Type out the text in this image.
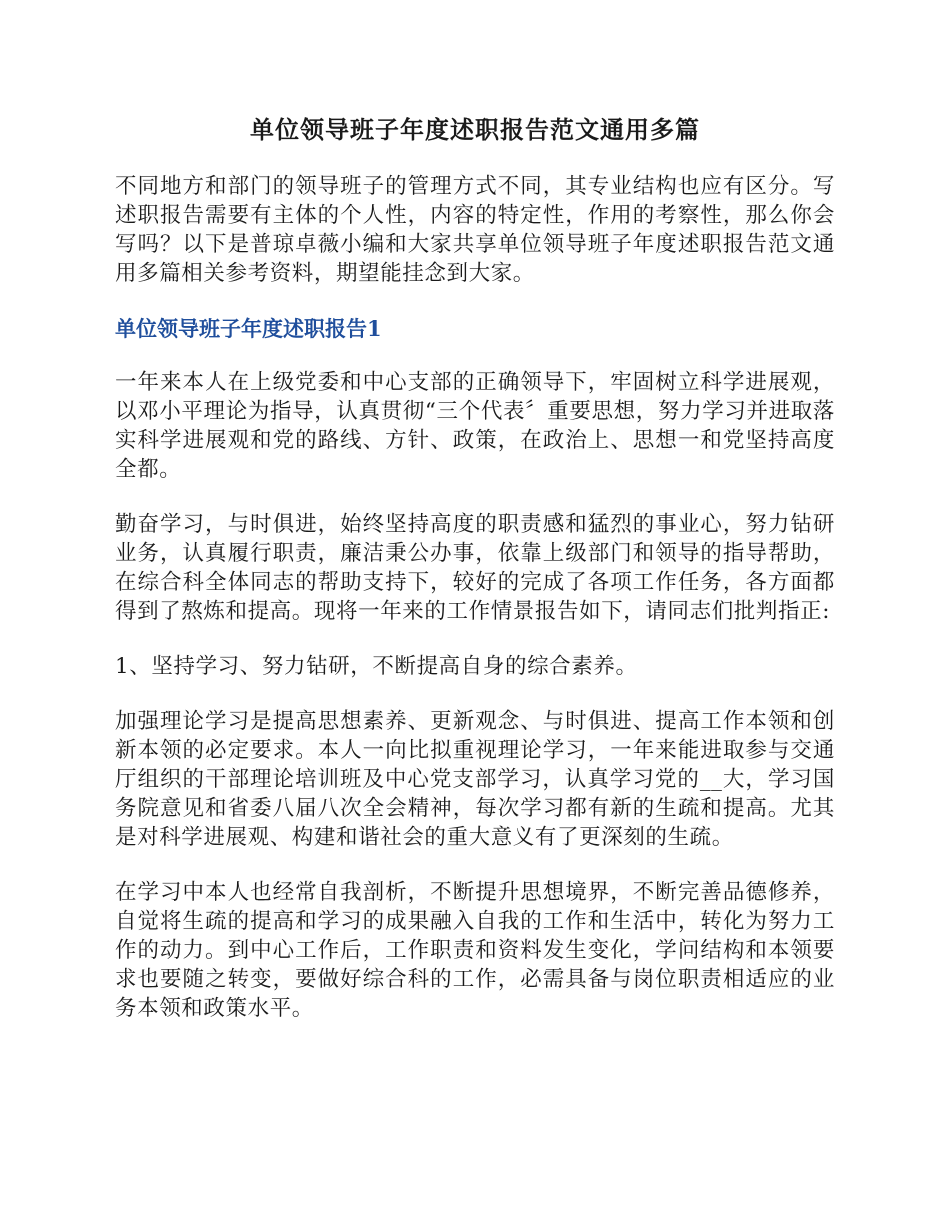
单位领导班子年度述职报告范文通用多篇

不同地方和部门的领导班子的管理方式不同，其专业结构也应有区分。写述职报告需要有主体的个人性，内容的特定性，作用的考察性，那么你会写吗？以下是普琼卓薇小编和大家共享单位领导班子年度述职报告范文通用多篇相关参考资料，期望能挂念到大家。

单位领导班子年度述职报告1

一年来本人在上级党委和中心支部的正确领导下，牢固树立科学进展观，以邓小平理论为指导，认真贯彻“三个代表〞重要思想，努力学习并进取落实科学进展观和党的路线、方针、政策，在政治上、思想一和党坚持高度全都。

勤奋学习，与时俱进，始终坚持高度的职责感和猛烈的事业心，努力钻研业务，认真履行职责，廉洁秉公办事，依靠上级部门和领导的指导帮助，在综合科全体同志的帮助支持下，较好的完成了各项工作任务，各方面都得到了熬炼和提高。现将一年来的工作情景报告如下，请同志们批判指正:

1、坚持学习、努力钻研，不断提高自身的综合素养。

加强理论学习是提高思想素养、更新观念、与时俱进、提高工作本领和创新本领的必定要求。本人一向比拟重视理论学习，一年来能进取参与交通厅组织的干部理论培训班及中心党支部学习，认真学习党的__大，学习国务院意见和省委八届八次全会精神，每次学习都有新的生疏和提高。尤其是对科学进展观、构建和谐社会的重大意义有了更深刻的生疏。

在学习中本人也经常自我剖析，不断提升思想境界，不断完善品德修养，自觉将生疏的提高和学习的成果融入自我的工作和生活中，转化为努力工作的动力。到中心工作后，工作职责和资料发生变化，学问结构和本领要求也要随之转变，要做好综合科的工作，必需具备与岗位职责相适应的业务本领和政策水平。
